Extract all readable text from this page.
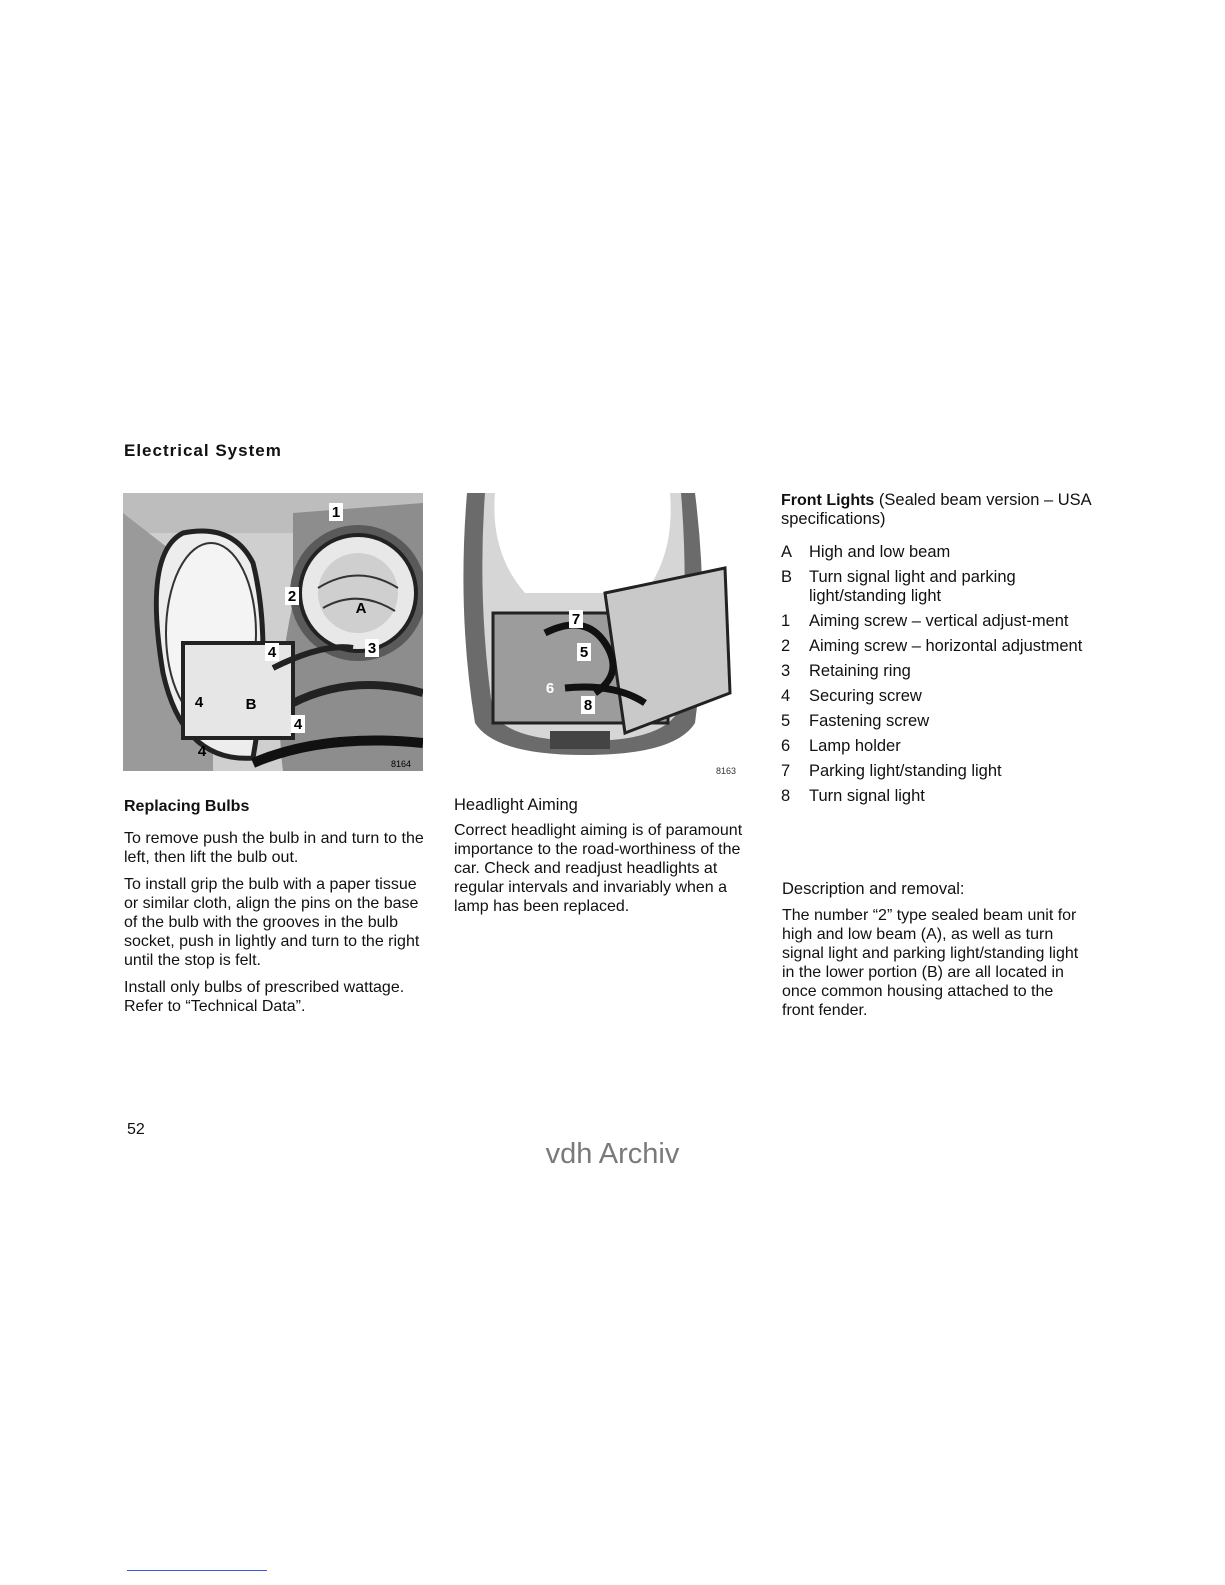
Electrical System
1
2
A
3
4
4	B
4
4
8164
7
5
6
8
8163

Replacing Bulbs

To remove push the bulb in and turn to the left, then lift the bulb out.

To install grip the bulb with a paper tissue or similar cloth, align the pins on the base of the bulb with the grooves in the bulb socket, push in lightly and turn to the right until the stop is felt.

Install only bulbs of prescribed wattage. Refer to “Technical Data”.

Headlight Aiming

Correct headlight aiming is of paramount importance to the road-worthiness of the car. Check and readjust headlights at regular intervals and invariably when a lamp has been replaced.

Front Lights (Sealed beam version – USA specifications)

A	High and low beam
B	Turn signal light and parking light/standing light
1	Aiming screw – vertical adjust-ment
2	Aiming screw – horizontal adjustment
3	Retaining ring
4	Securing screw
5	Fastening screw
6	Lamp holder
7	Parking light/standing light
8	Turn signal light

Description and removal:

The number “2” type sealed beam unit for high and low beam (A), as well as turn signal light and parking light/standing light in the lower portion (B) are all located in once common housing attached to the front fender.

52
vdh Archiv
